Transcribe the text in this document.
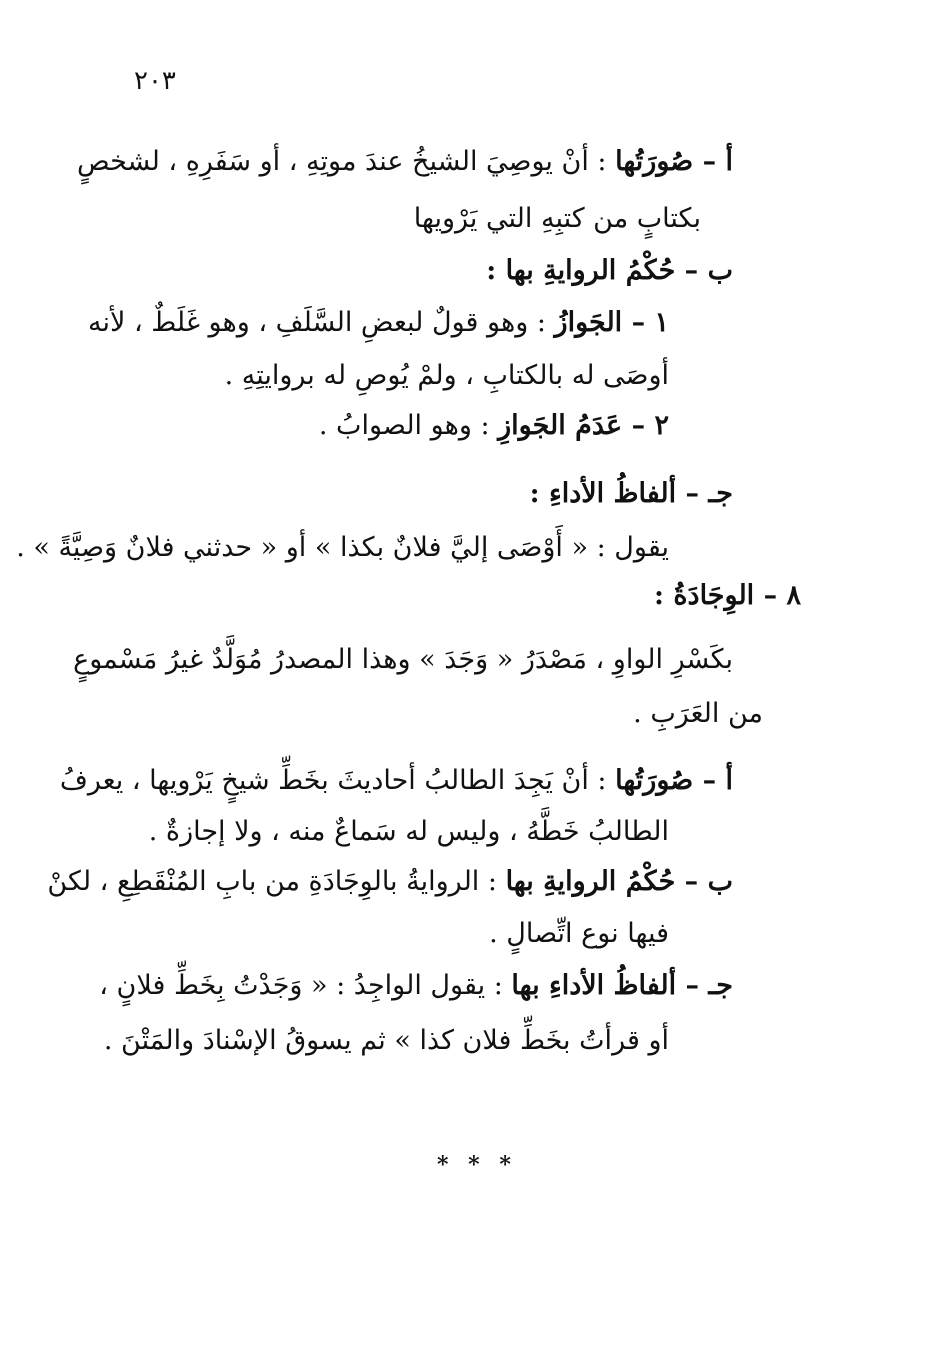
٢٠٣
أ – صُورَتُها : أنْ يوصِيَ الشيخُ عندَ موتِهِ ، أو سَفَرِهِ ، لشخصٍ
بكتابٍ من كتبِهِ التي يَرْويها
ب – حُكْمُ الروايةِ بها :
١ – الجَوازُ : وهو قولٌ لبعضِ السَّلَفِ ، وهو غَلَطٌ ، لأنه
أوصَى له بالكتابِ ، ولمْ يُوصِ له بروايتِهِ .
٢ – عَدَمُ الجَوازِ : وهو الصوابُ .
جـ – ألفاظُ الأداءِ :
يقول : « أَوْصَى إليَّ فلانٌ بكذا » أو « حدثني فلانٌ وَصِيَّةً » .
٨ – الوِجَادَةُ :
بكَسْرِ الواوِ ، مَصْدَرُ « وَجَدَ » وهذا المصدرُ مُوَلَّدٌ غيرُ مَسْموعٍ
من العَرَبِ .
أ – صُورَتُها : أنْ يَجِدَ الطالبُ أحاديثَ بخَطِّ شيخٍ يَرْويها ، يعرفُ
الطالبُ خَطَّهُ ، وليس له سَماعٌ منه ، ولا إجازةٌ .
ب – حُكْمُ الروايةِ بها : الروايةُ بالوِجَادَةِ من بابِ المُنْقَطِعِ ، لكنْ
فيها نوع اتِّصالٍ .
جـ – ألفاظُ الأداءِ بها : يقول الواجِدُ : « وَجَدْتُ بِخَطِّ فلانٍ ،
أو قرأتُ بخَطِّ فلان كذا » ثم يسوقُ الإسْنادَ والمَتْنَ .
* * *
